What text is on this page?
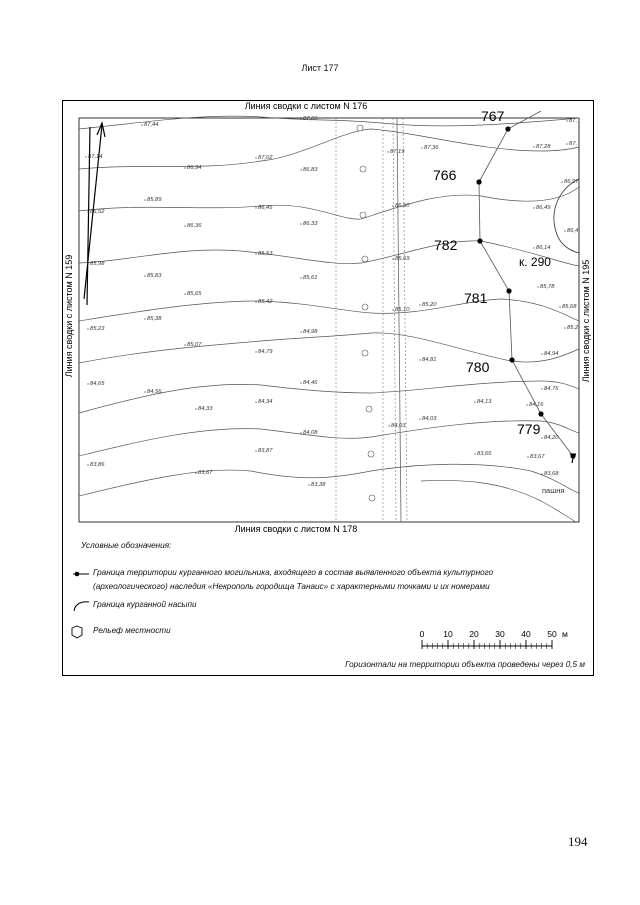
Лист 177
767
766
782
781
780
779
7
87,44
87,66
87,36	87,28
87,
87,
87,14
86,94
87,02
86,83
87,19
86,97
86,52
85,89
86,36
86,45
86,33
86,50	86,49
86,4
85,98
85,83
85,65
85,53
85,61
85,69
86,14
85,78
85,68
85,38
85,42
85,10
85,20
85,2
85,23
85,07
84,79
84,98
84,81
84,94
84,65
84,56
84,33
84,34
84,46
84,13
84,76
84,16
84,03
84,03
84,08
84,20
83,87
83,86
83,67
83,66	83,67
83,38
83,68
к. 290
пашня
Линия сводки с листом N 176
Линия сводки с листом N 178
Линия сводки с листом N 159	Линия сводки с листом N 195
Условные обозначения:
Граница территории курганного могильника, входящего в состав выявленного объекта культурного
(археологического) наследия «Некрополь городища Танаис» с характерными точками и их номерами
Граница курганной насыпи
Рельеф местности	0 10 20 30 40 50 м
Горизонтали на территории объекта проведены через 0,5 м
194
